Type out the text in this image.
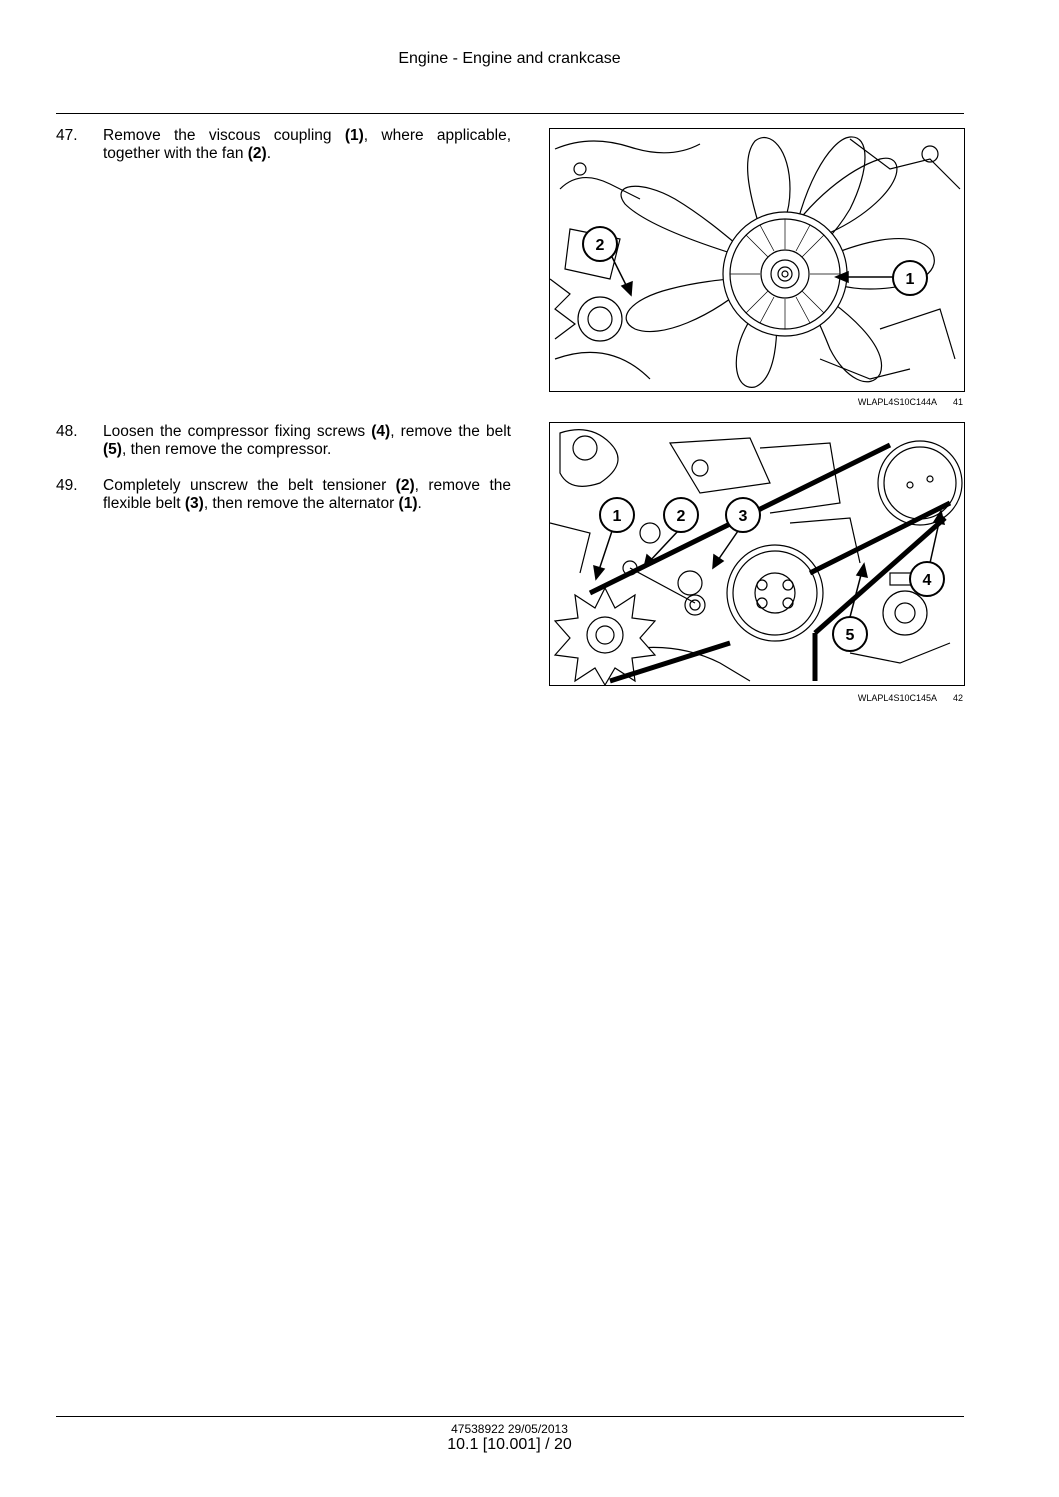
Engine - Engine and crankcase
47. Remove the viscous coupling (1), where applicable, together with the fan (2).
1
2
WLAPL4S10C144A 41
48. Loosen the compressor fixing screws (4), remove the belt (5), then remove the compressor.
49. Completely unscrew the belt tensioner (2), remove the flexible belt (3), then remove the alternator (1).
1	2	3
4
5
WLAPL4S10C145A 42
47538922 29/05/2013
10.1 [10.001] / 20
